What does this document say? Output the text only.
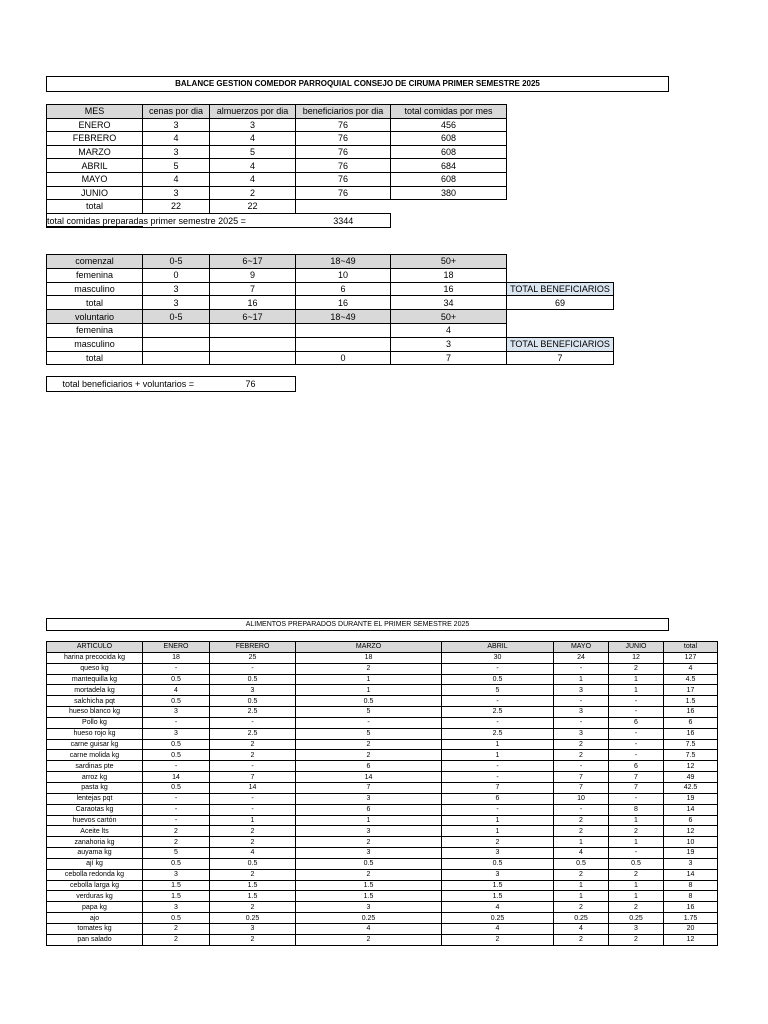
BALANCE GESTION COMEDOR PARROQUIAL CONSEJO DE CIRUMA PRIMER SEMESTRE 2025
MES	cenas por dia	almuerzos por dia	beneficiarios por dia	total comidas por mes
ENERO	3	3	76	456
FEBRERO	4	4	76	608
MARZO	3	5	76	608
ABRIL	5	4	76	684
MAYO	4	4	76	608
JUNIO	3	2	76	380
total	22	22		

total comidas preparadas primer semestre 2025 =	3344
comenzal	0-5	6~17	18~49	50+	
femenina	0	9	10	18	
masculino	3	7	6	16	TOTAL BENEFICIARIOS
total	3	16	16	34	69
voluntario	0-5	6~17	18~49	50+	
femenina				4	
masculino				3	TOTAL BENEFICIARIOS
total			0	7	7
total beneficiarios + voluntarios =	76
ALIMENTOS PREPARADOS DURANTE EL PRIMER SEMESTRE 2025
ARTICULO	ENERO	FEBRERO	MARZO	ABRIL	MAYO	JUNIO	total
harina precocida kg	18	25	18	30	24	12	127
queso kg	-	-	2	-	-	2	4
mantequilla kg	0.5	0.5	1	0.5	1	1	4.5
mortadela kg	4	3	1	5	3	1	17
salchicha pqt	0.5	0.5	0.5	-	-	-	1.5
hueso blanco kg	3	2.5	5	2.5	3	-	16
Pollo kg	-	-	-	-	-	6	6
hueso rojo kg	3	2.5	5	2.5	3	-	16
carne guisar kg	0.5	2	2	1	2	-	7.5
carne molida kg	0.5	2	2	1	2	-	7.5
sardinas pte	-	-	6	-	-	6	12
arroz kg	14	7	14	-	7	7	49
pasta kg	0.5	14	7	7	7	7	42.5
lentejas pqt	-	-	3	6	10	-	19
Caraotas kg	-	-	6	-	-	8	14
huevos cartón	-	1	1	1	2	1	6
Aceite lts	2	2	3	1	2	2	12
zanahoria kg	2	2	2	2	1	1	10
auyama kg	5	4	3	3	4	-	19
ají kg	0.5	0.5	0.5	0.5	0.5	0.5	3
cebolla redonda kg	3	2	2	3	2	2	14
cebolla larga kg	1.5	1.5	1.5	1.5	1	1	8
verduras kg	1.5	1.5	1.5	1.5	1	1	8
papa kg	3	2	3	4	2	2	16
ajo	0.5	0.25	0.25	0.25	0.25	0.25	1.75
tomates kg	2	3	4	4	4	3	20
pan salado	2	2	2	2	2	2	12
